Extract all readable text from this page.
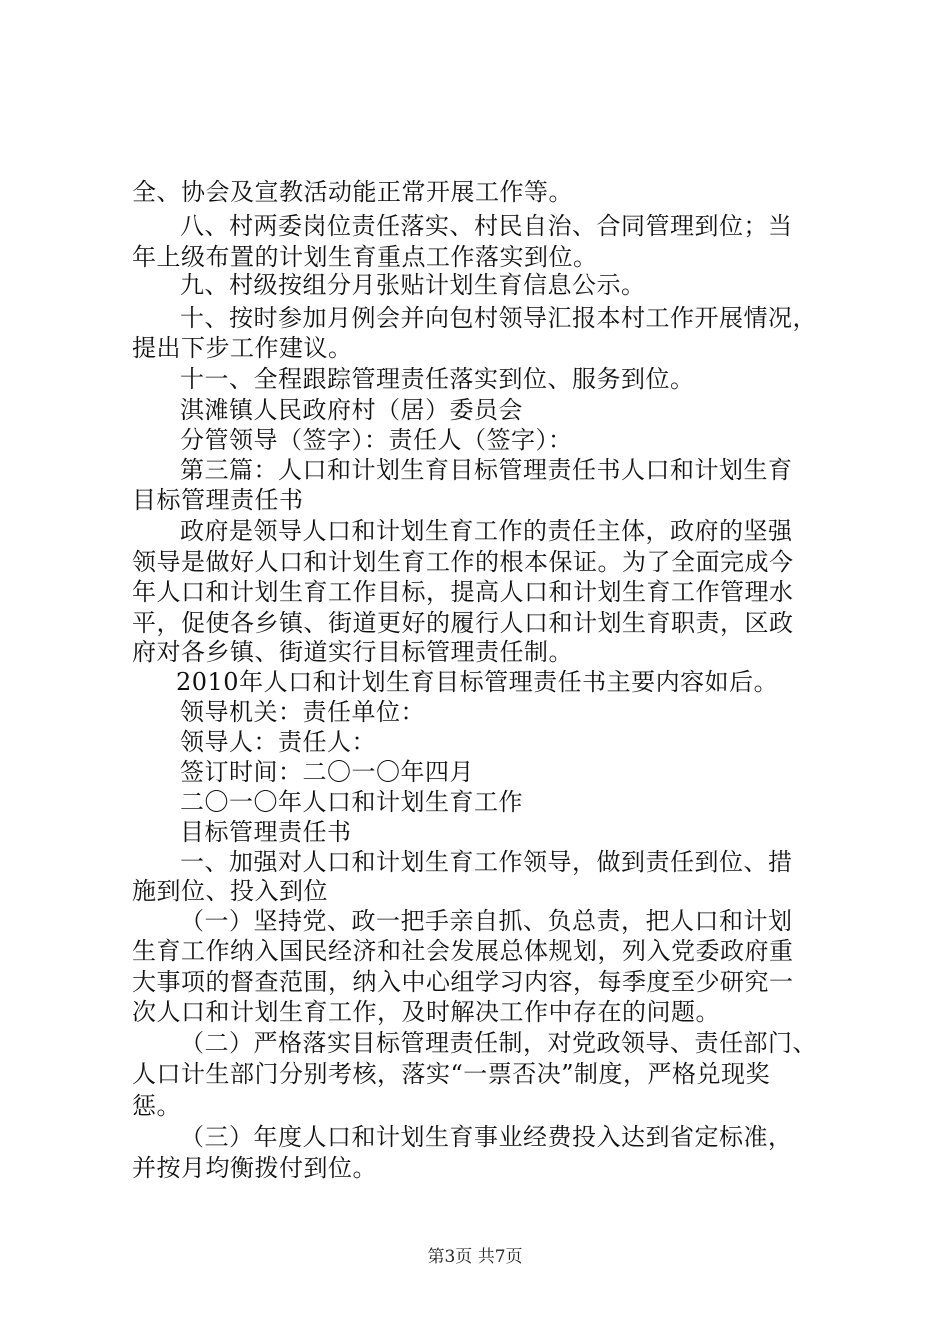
全、协会及宣教活动能正常开展工作等。
八、村两委岗位责任落实、村民自治、合同管理到位；当
年上级布置的计划生育重点工作落实到位。
九、村级按组分月张贴计划生育信息公示。
十、按时参加月例会并向包村领导汇报本村工作开展情况，
提出下步工作建议。
十一、全程跟踪管理责任落实到位、服务到位。
淇滩镇人民政府村（居）委员会
分管领导（签字）：责任人（签字）：
第三篇：人口和计划生育目标管理责任书人口和计划生育
目标管理责任书
政府是领导人口和计划生育工作的责任主体，政府的坚强
领导是做好人口和计划生育工作的根本保证。为了全面完成今
年人口和计划生育工作目标，提高人口和计划生育工作管理水
平，促使各乡镇、街道更好的履行人口和计划生育职责，区政
府对各乡镇、街道实行目标管理责任制。
2010年人口和计划生育目标管理责任书主要内容如后。
领导机关：责任单位：
领导人：责任人：
签订时间：二〇一〇年四月
二〇一〇年人口和计划生育工作
目标管理责任书
一、加强对人口和计划生育工作领导，做到责任到位、措
施到位、投入到位
（一）坚持党、政一把手亲自抓、负总责，把人口和计划
生育工作纳入国民经济和社会发展总体规划，列入党委政府重
大事项的督查范围，纳入中心组学习内容，每季度至少研究一
次人口和计划生育工作，及时解决工作中存在的问题。
（二）严格落实目标管理责任制，对党政领导、责任部门、
人口计生部门分别考核，落实“一票否决”制度，严格兑现奖
惩。
（三）年度人口和计划生育事业经费投入达到省定标准，
并按月均衡拨付到位。
第3页 共7页
